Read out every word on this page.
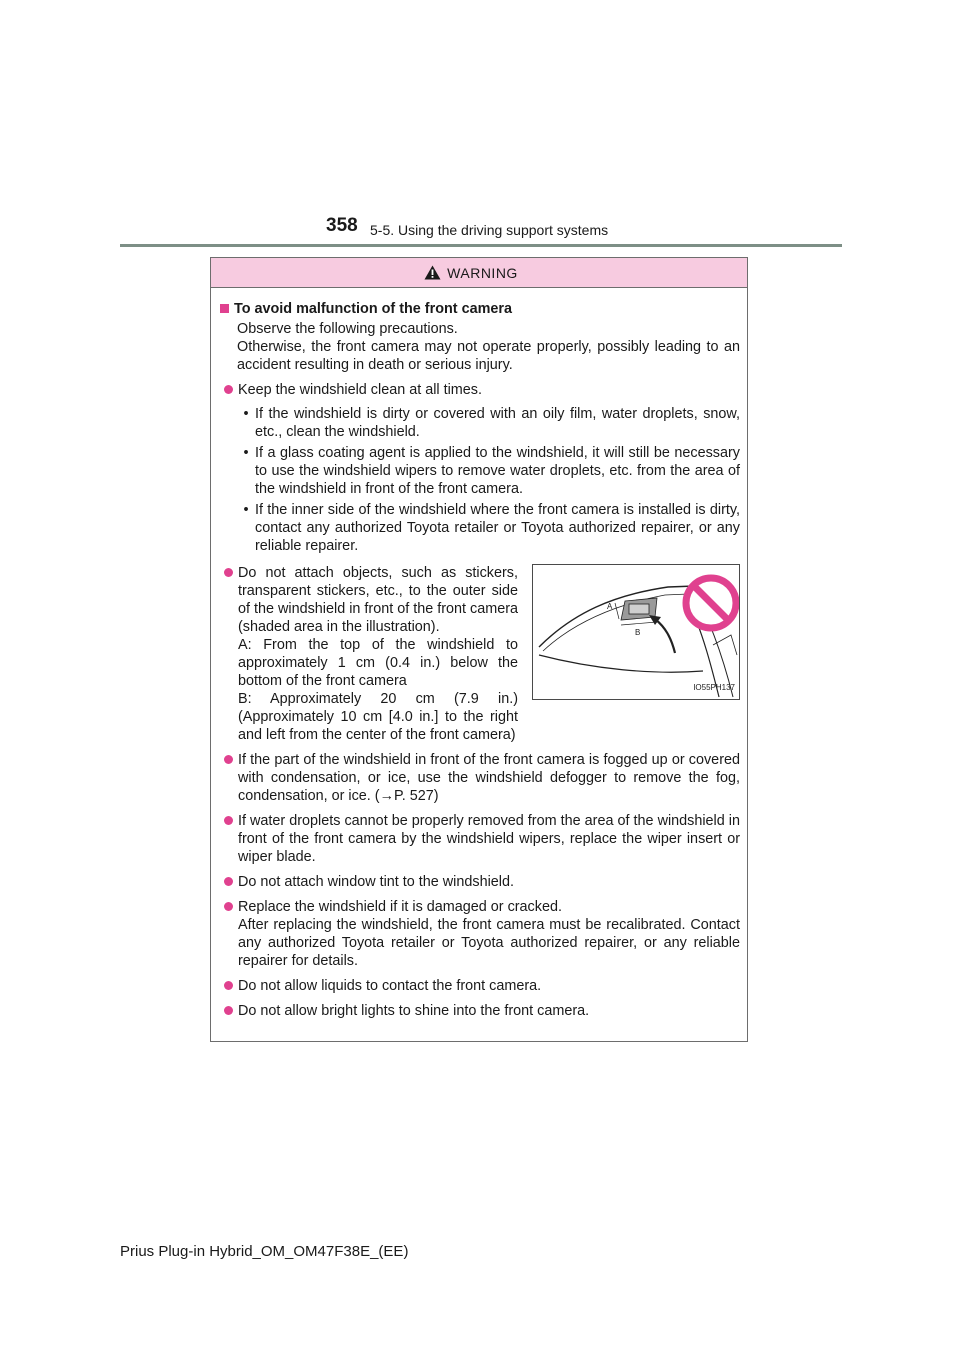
358 5-5. Using the driving support systems
WARNING
To avoid malfunction of the front camera
Observe the following precautions.
Otherwise, the front camera may not operate properly, possibly leading to an accident resulting in death or serious injury.
Keep the windshield clean at all times.
• If the windshield is dirty or covered with an oily film, water droplets, snow, etc., clean the windshield.
• If a glass coating agent is applied to the windshield, it will still be necessary to use the windshield wipers to remove water droplets, etc. from the area of the windshield in front of the front camera.
• If the inner side of the windshield where the front camera is installed is dirty, contact any authorized Toyota retailer or Toyota authorized repairer, or any reliable repairer.
Do not attach objects, such as stickers, transparent stickers, etc., to the outer side of the windshield in front of the front camera (shaded area in the illustration).
A: From the top of the windshield to approximately 1 cm (0.4 in.) below the bottom of the front camera
B: Approximately 20 cm (7.9 in.) (Approximately 10 cm [4.0 in.] to the right and left from the center of the front camera)
A
B
IO55PH137
If the part of the windshield in front of the front camera is fogged up or covered with condensation, or ice, use the windshield defogger to remove the fog, condensation, or ice. (→P. 527)
If water droplets cannot be properly removed from the area of the windshield in front of the front camera by the windshield wipers, replace the wiper insert or wiper blade.
Do not attach window tint to the windshield.
Replace the windshield if it is damaged or cracked.
After replacing the windshield, the front camera must be recalibrated. Contact any authorized Toyota retailer or Toyota authorized repairer, or any reliable repairer for details.
Do not allow liquids to contact the front camera.
Do not allow bright lights to shine into the front camera.
Prius Plug-in Hybrid_OM_OM47F38E_(EE)
